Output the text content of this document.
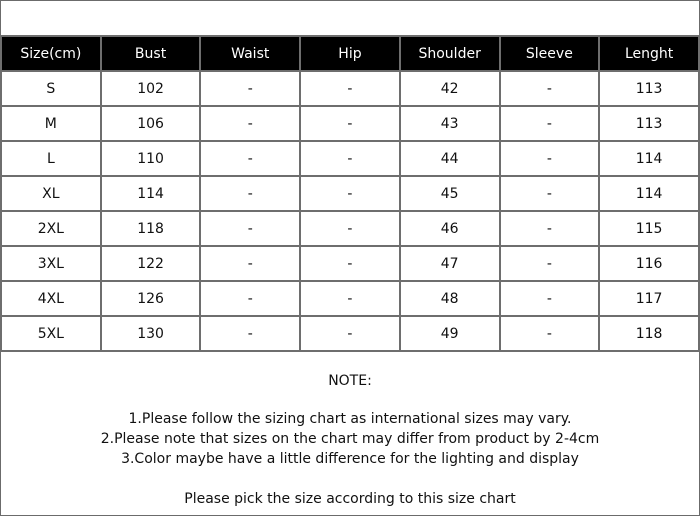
Size(cm)	Bust	Waist	Hip	Shoulder	Sleeve	Lenght
S	102	-	-	42	-	113
M	106	-	-	43	-	113
L	110	-	-	44	-	114
XL	114	-	-	45	-	114
2XL	118	-	-	46	-	115
3XL	122	-	-	47	-	116
4XL	126	-	-	48	-	117
5XL	130	-	-	49	-	118
NOTE:
1.Please follow the sizing chart as international sizes may vary.
2.Please note that sizes on the chart may differ from product by 2-4cm
3.Color maybe have a little difference for the lighting and display
Please pick the size according to this size chart
